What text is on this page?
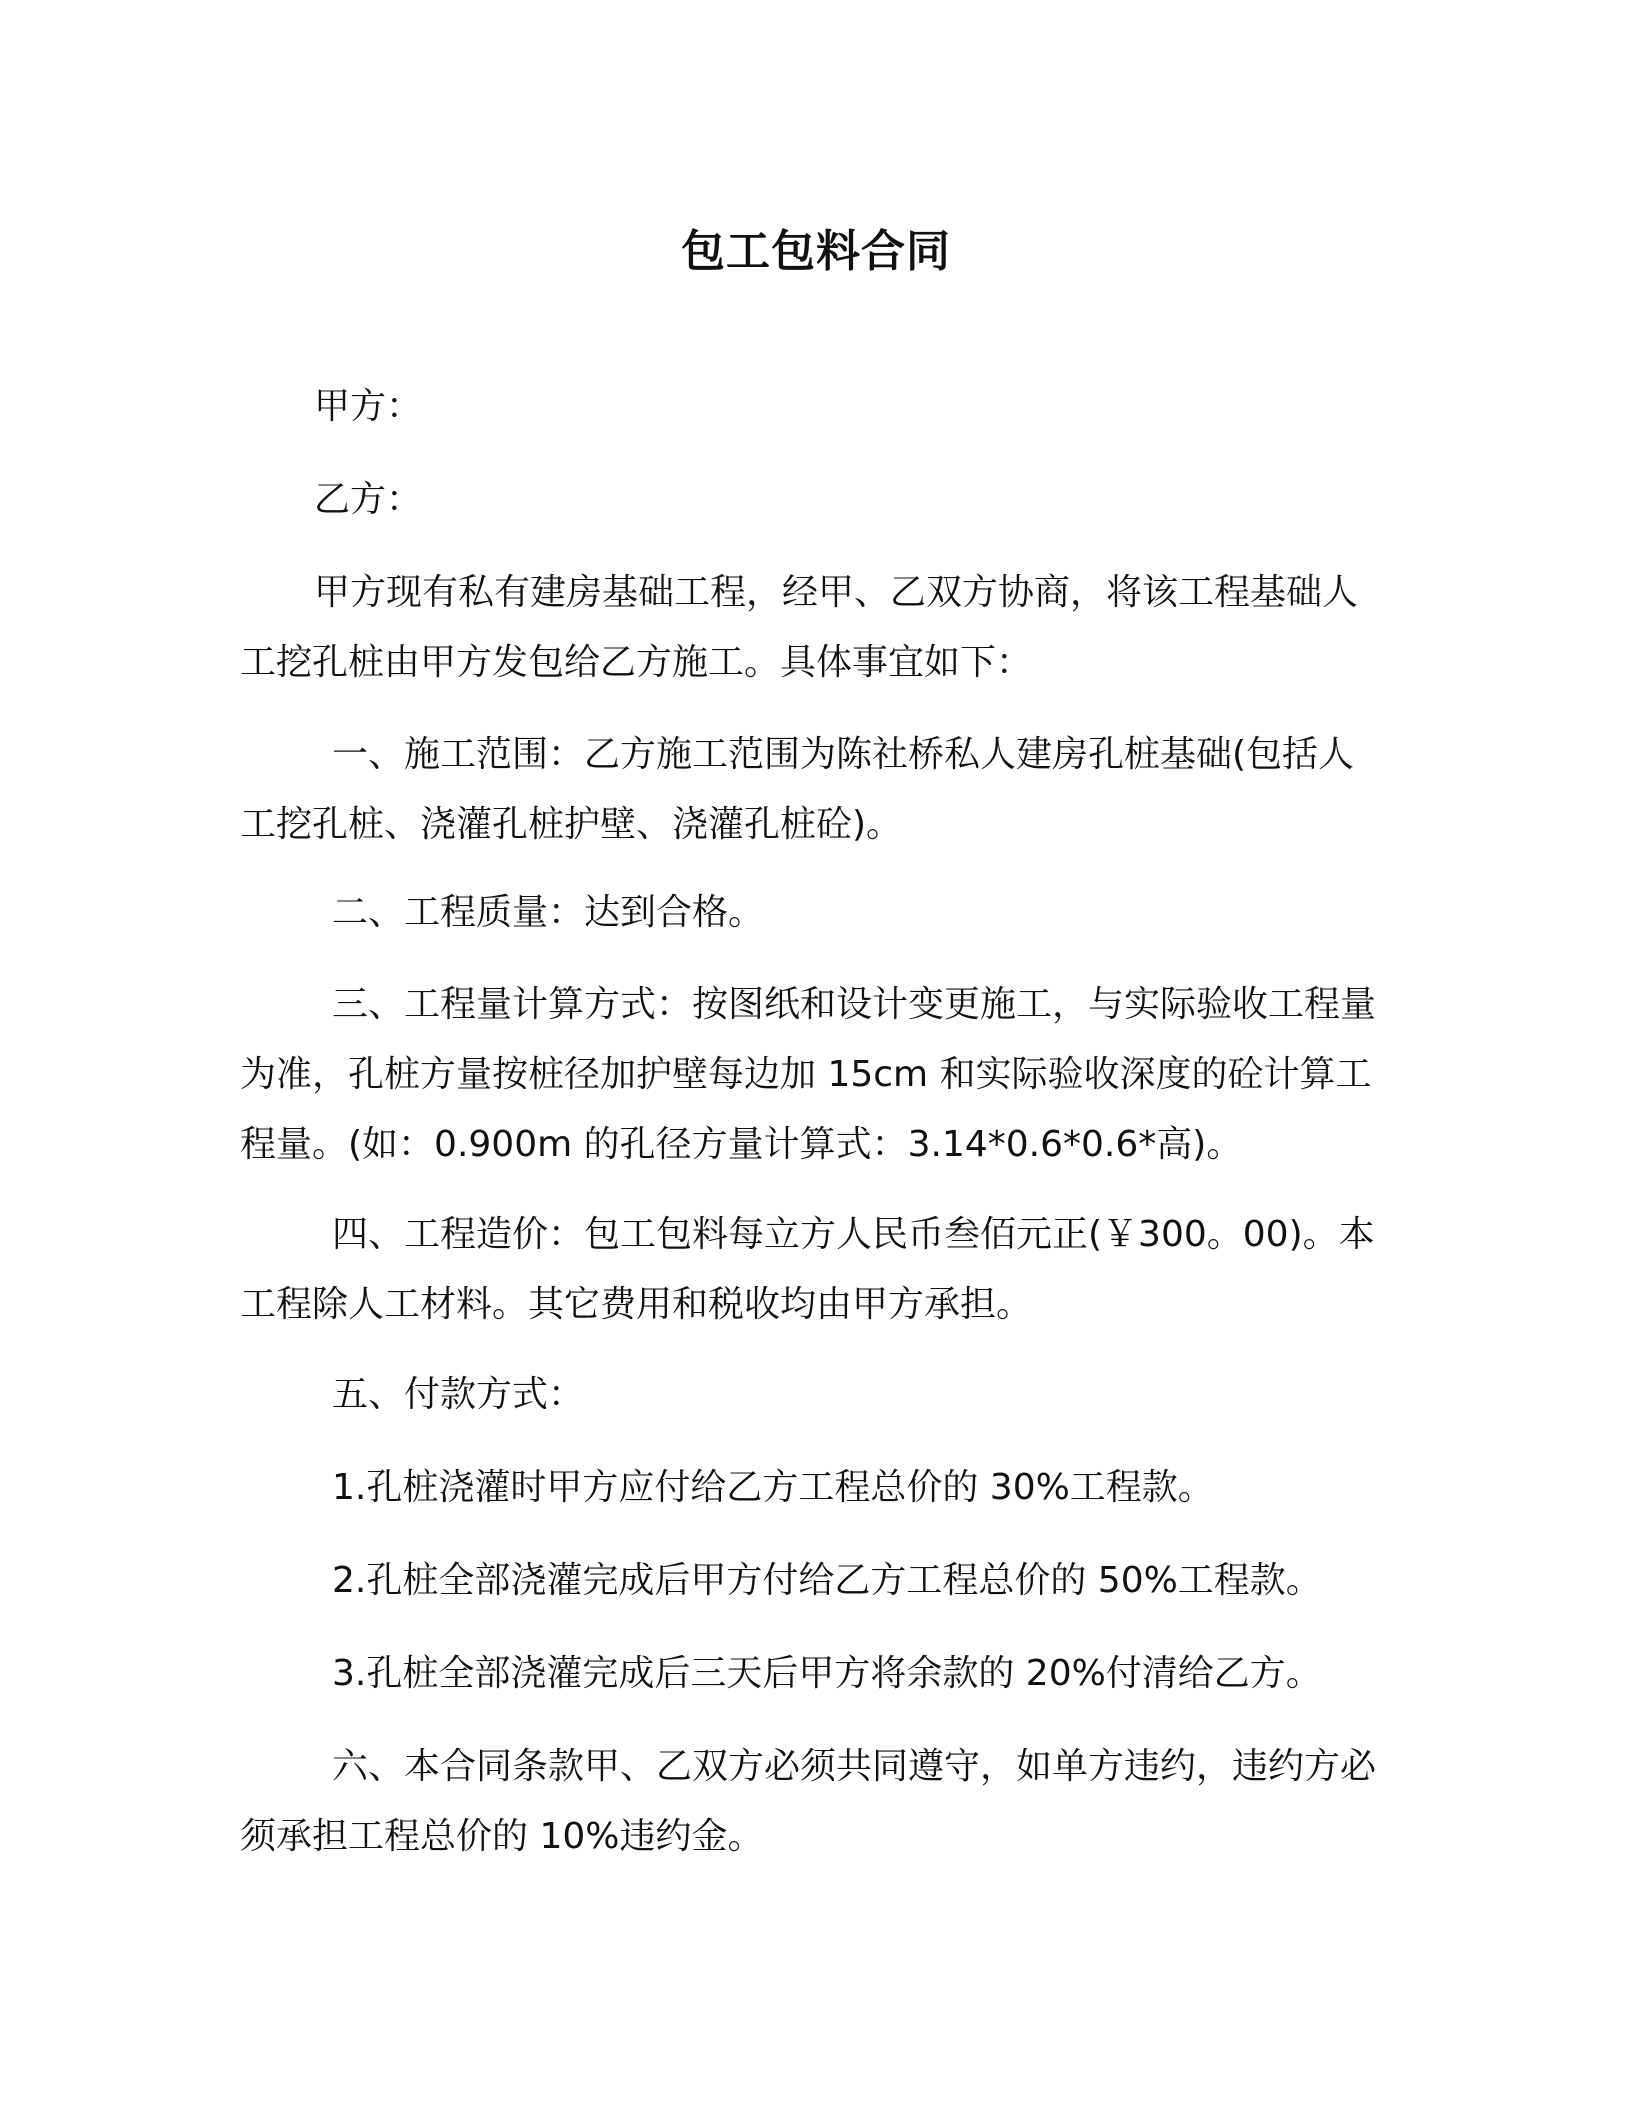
包工包料合同

甲方：

乙方：

甲方现有私有建房基础工程，经甲、乙双方协商，将该工程基础人工挖孔桩由甲方发包给乙方施工。具体事宜如下：

一、施工范围：乙方施工范围为陈社桥私人建房孔桩基础(包括人工挖孔桩、浇灌孔桩护壁、浇灌孔桩砼)。

二、工程质量：达到合格。

三、工程量计算方式：按图纸和设计变更施工，与实际验收工程量为准，孔桩方量按桩径加护壁每边加 15cm 和实际验收深度的砼计算工程量。(如：0.900m 的孔径方量计算式：3.14*0.6*0.6*高)。

四、工程造价：包工包料每立方人民币叁佰元正(￥300。00)。本工程除人工材料。其它费用和税收均由甲方承担。

五、付款方式：

1.孔桩浇灌时甲方应付给乙方工程总价的 30%工程款。

2.孔桩全部浇灌完成后甲方付给乙方工程总价的 50%工程款。

3.孔桩全部浇灌完成后三天后甲方将余款的 20%付清给乙方。

六、本合同条款甲、乙双方必须共同遵守，如单方违约，违约方必须承担工程总价的 10%违约金。
